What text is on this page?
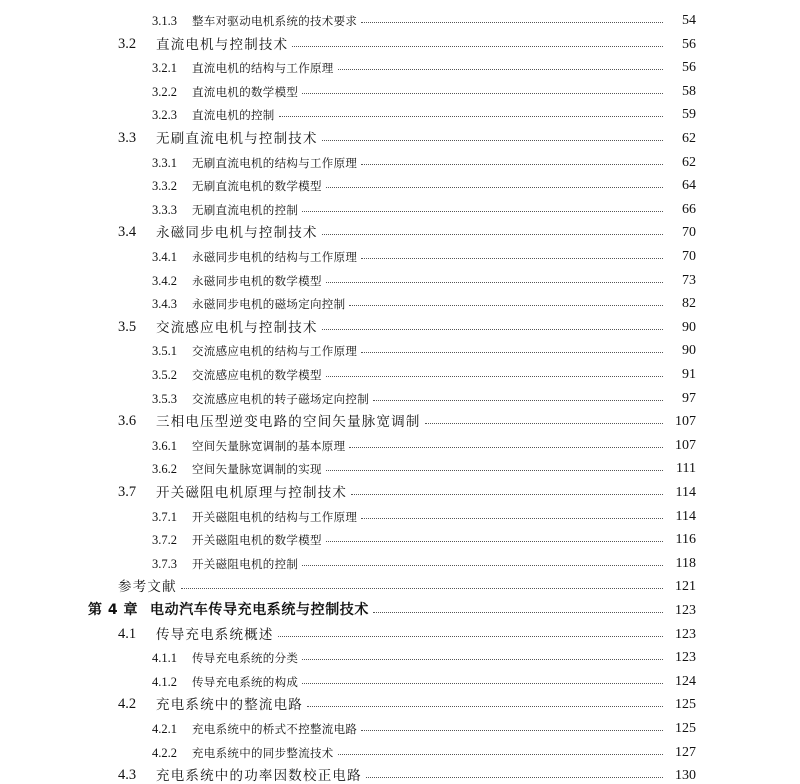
3.1.3	整车对驱动电机系统的技术要求	54
3.2	直流电机与控制技术	56
3.2.1	直流电机的结构与工作原理	56
3.2.2	直流电机的数学模型	58
3.2.3	直流电机的控制	59
3.3	无刷直流电机与控制技术	62
3.3.1	无刷直流电机的结构与工作原理	62
3.3.2	无刷直流电机的数学模型	64
3.3.3	无刷直流电机的控制	66
3.4	永磁同步电机与控制技术	70
3.4.1	永磁同步电机的结构与工作原理	70
3.4.2	永磁同步电机的数学模型	73
3.4.3	永磁同步电机的磁场定向控制	82
3.5	交流感应电机与控制技术	90
3.5.1	交流感应电机的结构与工作原理	90
3.5.2	交流感应电机的数学模型	91
3.5.3	交流感应电机的转子磁场定向控制	97
3.6	三相电压型逆变电路的空间矢量脉宽调制	107
3.6.1	空间矢量脉宽调制的基本原理	107
3.6.2	空间矢量脉宽调制的实现	111
3.7	开关磁阻电机原理与控制技术	114
3.7.1	开关磁阻电机的结构与工作原理	114
3.7.2	开关磁阻电机的数学模型	116
3.7.3	开关磁阻电机的控制	118
参考文献	121
第 4 章 电动汽车传导充电系统与控制技术	123
4.1	传导充电系统概述	123
4.1.1	传导充电系统的分类	123
4.1.2	传导充电系统的构成	124
4.2	充电系统中的整流电路	125
4.2.1	充电系统中的桥式不控整流电路	125
4.2.2	充电系统中的同步整流技术	127
4.3	充电系统中的功率因数校正电路	130
